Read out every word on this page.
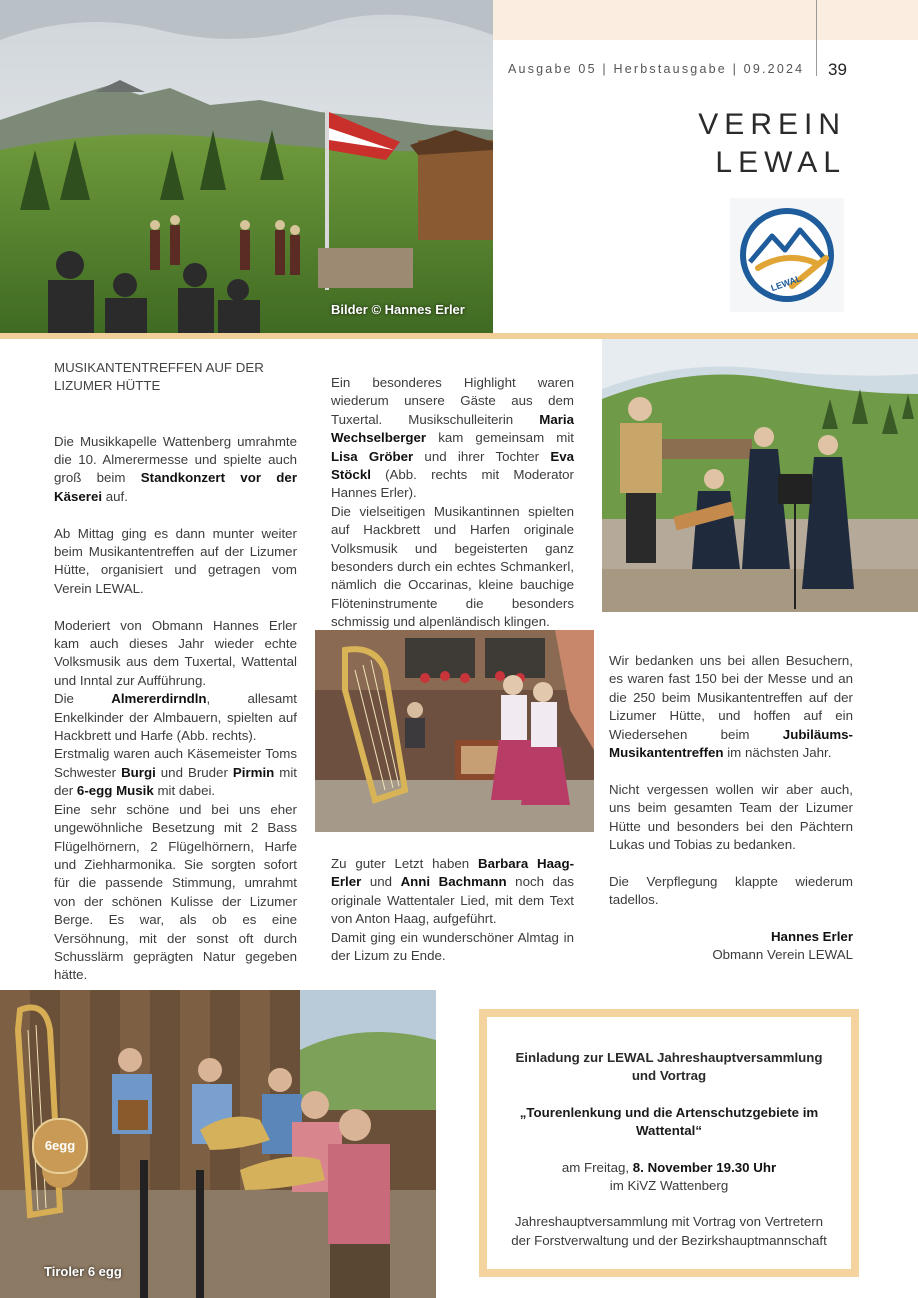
Bilder © Hannes Erler
Ausgabe 05 | Herbstausgabe | 09.2024 39
VEREIN
LEWAL
LEWAL

MUSIKANTENTREFFEN AUF DER
LIZUMER HÜTTE

Die Musikkapelle Wattenberg umrahmte die 10. Almerermesse und spielte auch groß beim Standkonzert vor der Käserei auf.

Ab Mittag ging es dann munter weiter beim Musikantentreffen auf der Lizumer Hütte, organisiert und getragen vom Verein LEWAL.

Moderiert von Obmann Hannes Erler kam auch dieses Jahr wieder echte Volksmusik aus dem Tuxertal, Wattental und Inntal zur Aufführung.

Die Almererdirndln, allesamt Enkelkinder der Almbauern, spielten auf Hackbrett und Harfe (Abb. rechts).

Erstmalig waren auch Käsemeister Toms Schwester Burgi und Bruder Pirmin mit der 6-egg Musik mit dabei.

Eine sehr schöne und bei uns eher ungewöhnliche Besetzung mit 2 Bass Flügelhörnern, 2 Flügelhörnern, Harfe und Ziehharmonika. Sie sorgten sofort für die passende Stimmung, umrahmt von der schönen Kulisse der Lizumer Berge. Es war, als ob es eine Versöhnung, mit der sonst oft durch Schusslärm geprägten Natur gegeben hätte.

Ein besonderes Highlight waren wiederum unsere Gäste aus dem Tuxertal. Musikschulleiterin Maria Wechselberger kam gemeinsam mit Lisa Gröber und ihrer Tochter Eva Stöckl (Abb. rechts mit Moderator Hannes Erler).

Die vielseitigen Musikantinnen spielten auf Hackbrett und Harfen originale Volksmusik und begeisterten ganz besonders durch ein echtes Schmankerl, nämlich die Occarinas, kleine bauchige Flöteninstrumente die besonders schmissig und alpenländisch klingen.

Zu guter Letzt haben Barbara Haag-Erler und Anni Bachmann noch das originale Wattentaler Lied, mit dem Text von Anton Haag, aufgeführt.

Damit ging ein wunderschöner Almtag in der Lizum zu Ende.

Wir bedanken uns bei allen Besuchern, es waren fast 150 bei der Messe und an die 250 beim Musikantentreffen auf der Lizumer Hütte, und hoffen auf ein Wiedersehen beim Jubiläums-Musikantentreffen im nächsten Jahr.

Nicht vergessen wollen wir aber auch, uns beim gesamten Team der Lizumer Hütte und besonders bei den Pächtern Lukas und Tobias zu bedanken.

Die Verpflegung klappte wiederum tadellos.

Hannes Erler

Obmann Verein LEWAL

6egg
Tiroler 6 egg

Einladung zur LEWAL Jahreshauptversammlung
und Vortrag

„Tourenlenkung und die Artenschutzgebiete im
Wattental“

am Freitag, 8. November 19.30 Uhr

im KiVZ Wattenberg

Jahreshauptversammlung mit Vortrag von Vertretern
der Forstverwaltung und der Bezirkshauptmannschaft
